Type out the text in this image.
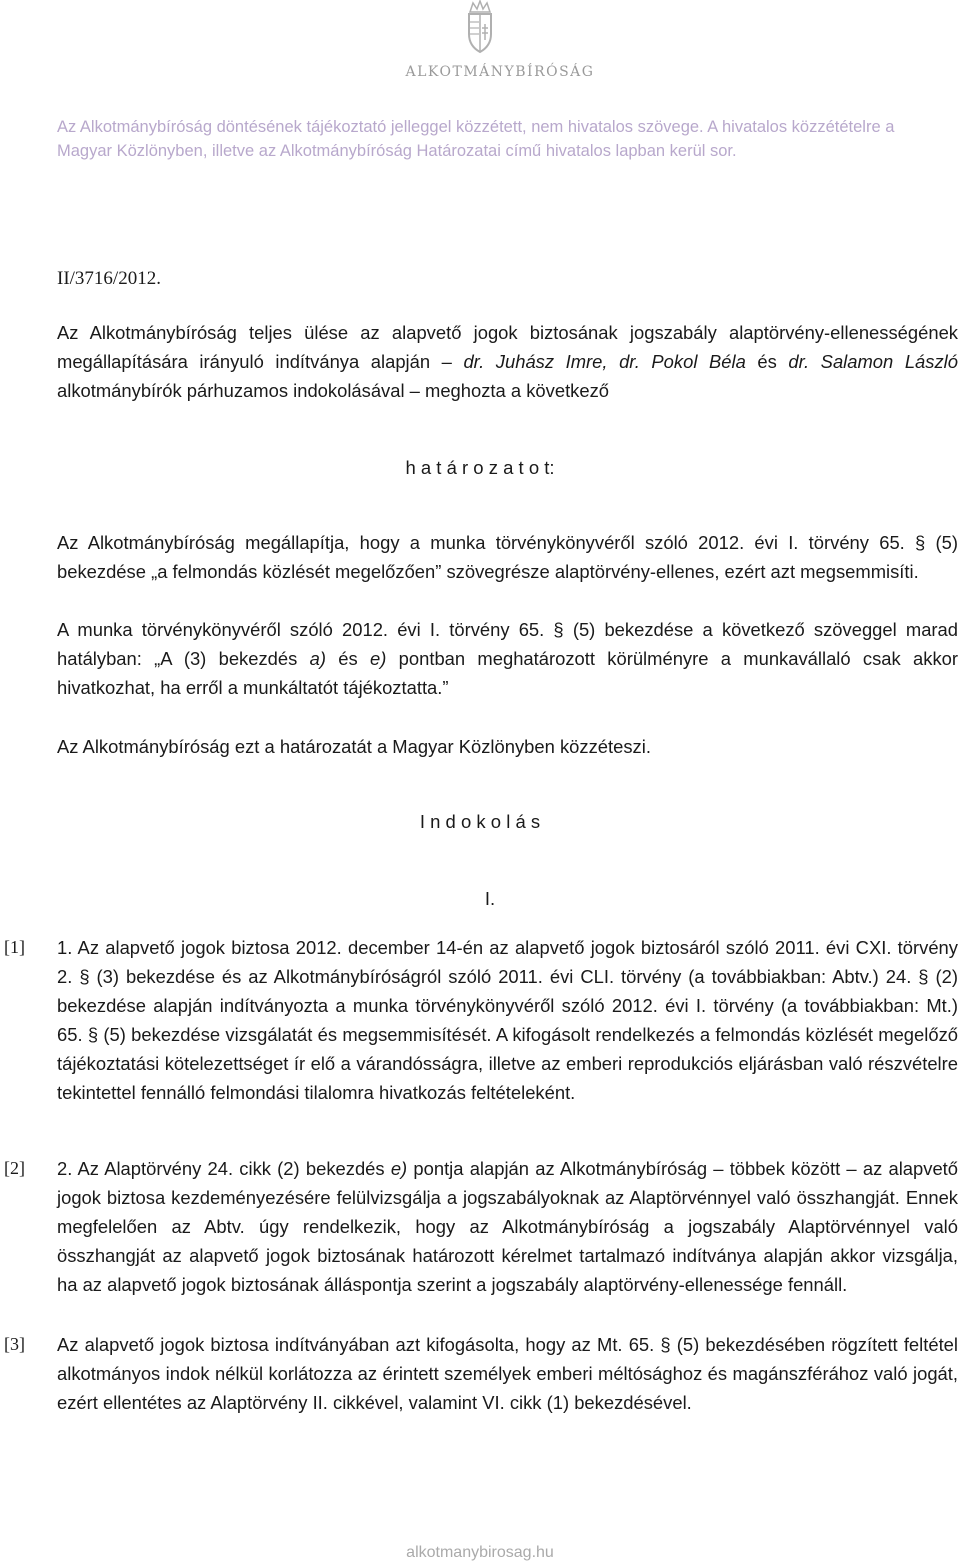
ALKOTMÁNYBÍRÓSÁG
Az Alkotmánybíróság döntésének tájékoztató jelleggel közzétett, nem hivatalos szövege. A hivatalos közzétételre a Magyar Közlönyben, illetve az Alkotmánybíróság Határozatai című hivatalos lapban kerül sor.
II/3716/2012.

Az Alkotmánybíróság teljes ülése az alapvető jogok biztosának jogszabály alaptörvény-ellenességének megállapítására irányuló indítványa alapján – dr. Juhász Imre, dr. Pokol Béla és dr. Salamon László alkotmánybírók párhuzamos indokolásával – meghozta a következő

h a t á r o z a t o t:

Az Alkotmánybíróság megállapítja, hogy a munka törvénykönyvéről szóló 2012. évi I. törvény 65. § (5) bekezdése „a felmondás közlését megelőzően” szövegrésze alaptörvény-ellenes, ezért azt megsemmisíti.

A munka törvénykönyvéről szóló 2012. évi I. törvény 65. § (5) bekezdése a következő szöveggel marad hatályban: „A (3) bekezdés a) és e) pontban meghatározott körülményre a munkavállaló csak akkor hivatkozhat, ha erről a munkáltatót tájékoztatta.”

Az Alkotmánybíróság ezt a határozatát a Magyar Közlönyben közzéteszi.

I n d o k o l á s
I.
[1] 1. Az alapvető jogok biztosa 2012. december 14-én az alapvető jogok biztosáról szóló 2011. évi CXI. törvény 2. § (3) bekezdése és az Alkotmánybíróságról szóló 2011. évi CLI. törvény (a továbbiakban: Abtv.) 24. § (2) bekezdése alapján indítványozta a munka törvénykönyvéről szóló 2012. évi I. törvény (a továbbiakban: Mt.) 65. § (5) bekezdése vizsgálatát és megsemmisítését. A kifogásolt rendelkezés a felmondás közlését megelőző tájékoztatási kötelezettséget ír elő a várandósságra, illetve az emberi reprodukciós eljárásban való részvételre tekintettel fennálló felmondási tilalomra hivatkozás feltételeként.

[2] 2. Az Alaptörvény 24. cikk (2) bekezdés e) pontja alapján az Alkotmánybíróság – többek között – az alapvető jogok biztosa kezdeményezésére felülvizsgálja a jogszabályoknak az Alaptörvénnyel való összhangját. Ennek megfelelően az Abtv. úgy rendelkezik, hogy az Alkotmánybíróság a jogszabály Alaptörvénnyel való összhangját az alapvető jogok biztosának határozott kérelmet tartalmazó indítványa alapján akkor vizsgálja, ha az alapvető jogok biztosának álláspontja szerint a jogszabály alaptörvény-ellenessége fennáll.

[3] Az alapvető jogok biztosa indítványában azt kifogásolta, hogy az Mt. 65. § (5) bekezdésében rögzített feltétel alkotmányos indok nélkül korlátozza az érintett személyek emberi méltósághoz és magánszférához való jogát, ezért ellentétes az Alaptörvény II. cikkével, valamint VI. cikk (1) bekezdésével.

alkotmanybirosag.hu
